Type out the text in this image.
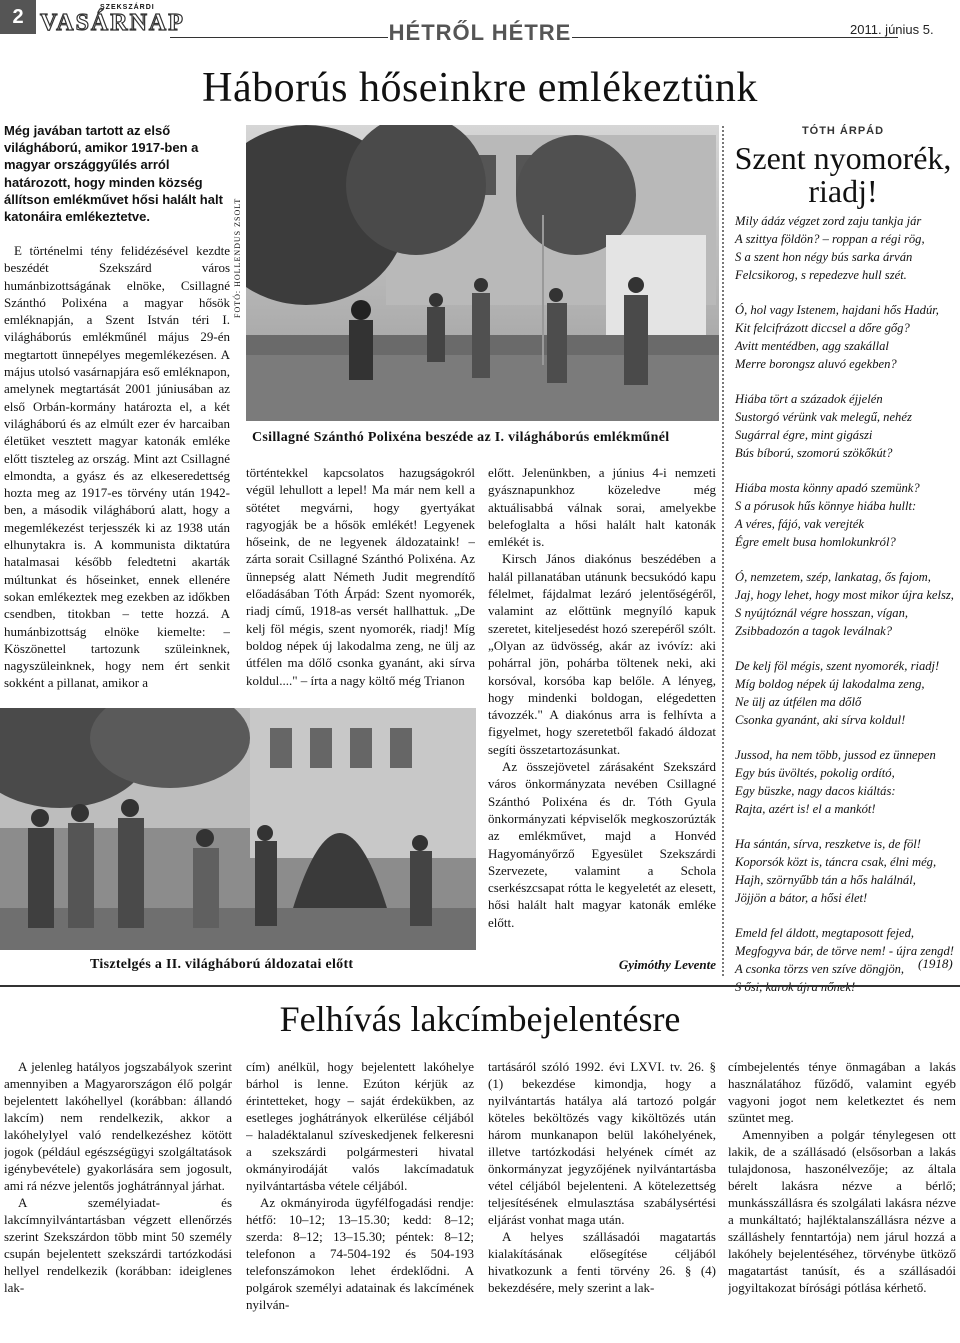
2	SZEKSZÁRDI
VASÁRNAP	HÉTRŐL HÉTRE	2011. június 5.
Háborús hőseinkre emlékeztünk
Még javában tartott az első világháború, amikor 1917-ben a magyar országgyűlés arról határozott, hogy minden község állítson emlékművet hősi halált halt katonáira emlékeztetve.

E történelmi tény felidézésével kezdte beszédét Szekszárd város humánbizottságának elnöke, Csillagné Szánthó Polixéna a magyar hősök emléknapján, a Szent István téri I. világháborús emlékműnél május 29-én megtartott ünnepélyes megemlékezésen. A május utolsó vasárnapjára eső emléknapon, amelynek megtartását 2001 júniusában az első Orbán-kormány határozta el, a két világháború és az elmúlt ezer év harcaiban életüket vesztett magyar katonák emléke előtt tiszteleg az ország. Mint azt Csillagné elmondta, a gyász és az elkeseredettség hozta meg az 1917-es törvény után 1942-ben, a második világháború alatt, hogy a megemlékezést terjesszék ki az 1938 után elhunytakra is. A kommunista diktatúra hatalmasai később feledtetni akarták múltunkat és hőseinket, ennek ellenére sokan emlékeztek meg ezekben az időkben csendben, titokban – tette hozzá. A humánbizottság elnöke kiemelte: – Köszönettel tartozunk szüleinknek, nagyszüleinknek, hogy nem ért senkit sokként a pillanat, amikor a

FOTÓ: HOLLENDUS ZSOLT
Csillagné Szánthó Polixéna beszéde az I. világháborús emlékműnél

történtekkel kapcsolatos hazugságokról végül lehullott a lepel! Ma már nem kell a sötétet megvárni, hogy gyertyákat ragyogják be a hősök emlékét! Legyenek hőseink, de ne legyenek áldozataink! – zárta sorait Csillagné Szánthó Polixéna. Az ünnepség alatt Németh Judit megrendítő előadásában Tóth Árpád: Szent nyomorék, riadj című, 1918-as versét hallhattuk. „De kelj föl mégis, szent nyomorék, riadj! Míg boldog népek új lakodalma zeng, ne ülj az útfélen ma dőlő csonka gyanánt, aki sírva koldul...." – írta a nagy költő még Trianon

előtt. Jelenünkben, a június 4-i nemzeti gyásznapunkhoz közeledve még aktuálisabbá válnak sorai, amelyekbe belefoglalta a hősi halált halt katonák emlékét is.

Kirsch János diakónus beszédében a halál pillanatában utánunk becsukódó kapu félelmet, fájdalmat lezáró jelentőségéről, valamint az előttünk megnyíló kapuk szeretet, kiteljesedést hozó szerepéről szólt. „Olyan az üdvösség, akár az ivóvíz: aki pohárral jön, pohárba töltenek neki, aki korsóval, korsóba kap belőle. A lényeg, hogy mindenki boldogan, elégedetten távozzék." A diakónus arra is felhívta a figyelmet, hogy szeretetből fakadó áldozat segíti összetartozásunkat.

Az összejövetel zárásaként Szekszárd város önkormányzata nevében Csillagné Szánthó Polixéna és dr. Tóth Gyula önkormányzati képviselők megkoszorúzták az emlékművet, majd a Honvéd Hagyományőrző Egyesület Szekszárdi Szervezete, valamint a Schola cserkészcsapat rótta le kegyeletét az elesett, hősi halált halt magyar katonák emléke előtt.

Gyimóthy Levente
Tisztelgés a II. világháború áldozatai előtt
TÓTH ÁRPÁD
Szent nyomorék, riadj!
Mily ádáz végzet zord zaju tankja jár
A szittya földön? – roppan a régi rög,
S a szent hon négy bús sarka árván
Felcsikorog, s repedezve hull szét.
Ó, hol vagy Istenem, hajdani hős Hadúr,
Kit felcifrázott diccsel a dőre gőg?
Avitt mentédben, agg szakállal
Merre borongsz aluvó egekben?
Hiába tört a századok éjjelén
Sustorgó vérünk vak melegű, nehéz
Sugárral égre, mint gigászi
Bús bíború, szomorú szökőkút?
Hiába mosta könny apadó szemünk?
S a pórusok hűs könnye hiába hullt:
A véres, fájó, vak verejték
Égre emelt busa homlokunkról?
Ó, nemzetem, szép, lankatag, ős fajom,
Jaj, hogy lehet, hogy most mikor újra kelsz,
S nyújtóznál végre hosszan, vígan,
Zsibbadozón a tagok leválnak?
De kelj föl mégis, szent nyomorék, riadj!
Míg boldog népek új lakodalma zeng,
Ne ülj az útfélen ma dőlő
Csonka gyanánt, aki sírva koldul!
Jussod, ha nem több, jussod ez ünnepen
Egy bús üvöltés, pokolig ordító,
Egy büszke, nagy dacos kiáltás:
Rajta, azért is! el a mankót!
Ha sántán, sírva, reszketve is, de föl!
Koporsók közt is, táncra csak, élni még,
Hajh, szörnyűbb tán a hős halálnál,
Jöjjön a bátor, a hősi élet!
Emeld fel áldott, megtaposott fejed,
Megfogyva bár, de törve nem! - újra zengd!
A csonka törzs ven szíve döngjön,
S ősi, karok újra nőnek!
(1918)
Felhívás lakcímbejelentésre

A jelenleg hatályos jogszabályok szerint amennyiben a Magyarországon élő polgár bejelentett lakóhellyel (korábban: állandó lakcím) nem rendelkezik, akkor a lakóhelylyel való rendelkezéshez kötött jogok (például egészségügyi szolgáltatások igénybevétele) gyakorlására sem jogosult, ami rá nézve jelentős joghátránnyal járhat.

A személyiadat- és lakcímnyilvántartásban végzett ellenőrzés szerint Szekszárdon több mint 50 személy csupán bejelentett szekszárdi tartózkodási hellyel rendelkezik (korábban: ideiglenes lak-

cím) anélkül, hogy bejelentett lakóhelye bárhol is lenne. Ezúton kérjük az érintetteket, hogy – saját érdekükben, az esetleges joghátrányok elkerülése céljából – haladéktalanul szíveskedjenek felkeresni a szekszárdi polgármesteri hivatal okmányirodáját valós lakcímadatuk nyilvántartásba vétele céljából.

Az okmányiroda ügyfélfogadási rendje: hétfő: 10–12; 13–15.30; kedd: 8–12; szerda: 8–12; 13–15.30; péntek: 8–12; telefonon a 74-504-192 és 504-193 telefonszámokon lehet érdeklődni. A polgárok személyi adatainak és lakcímének nyilván-

tartásáról szóló 1992. évi LXVI. tv. 26. § (1) bekezdése kimondja, hogy a nyilvántartás hatálya alá tartozó polgár köteles beköltözés vagy kiköltözés után három munkanapon belül lakóhelyének, illetve tartózkodási helyének címét az önkormányzat jegyzőjének nyilvántartásba vétel céljából bejelenteni. A kötelezettség teljesítésének elmulasztása szabálysértési eljárást vonhat maga után.

A helyes szállásadói magatartás kialakításának elősegítése céljából hivatkozunk a fenti törvény 26. § (4) bekezdésére, mely szerint a lak-

címbejelentés ténye önmagában a lakás használatához fűződő, valamint egyéb vagyoni jogot nem keletkeztet és nem szüntet meg.

Amennyiben a polgár ténylegesen ott lakik, de a szállásadó (elsősorban a lakás tulajdonosa, haszonélvezője; az általa bérelt lakásra nézve a bérlő; munkásszállásra és szolgálati lakásra nézve a munkáltató; hajléktalanszállásra nézve a szálláshely fenntartója) nem járul hozzá a lakóhely bejelentéséhez, törvénybe ütköző magatartást tanúsít, és a szállásadói jogyiltakozat bírósági pótlása kérhető.
